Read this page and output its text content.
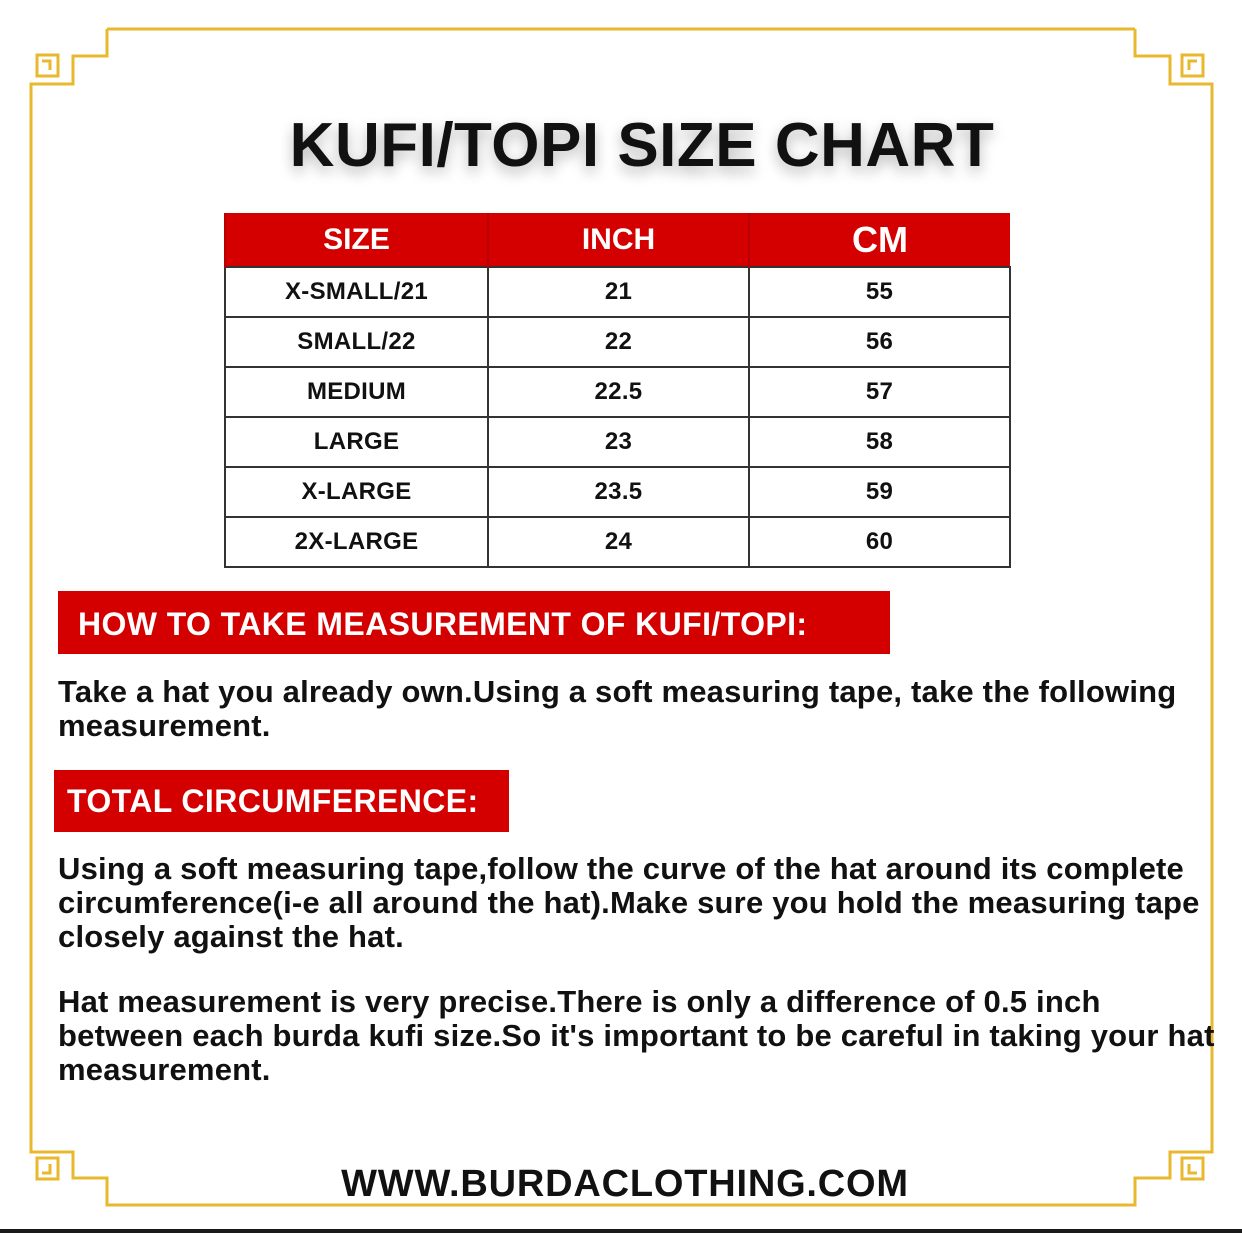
KUFI/TOPI SIZE CHART
SIZE	INCH	CM
X-SMALL/21	21	55
SMALL/22	22	56
MEDIUM	22.5	57
LARGE	23	58
X-LARGE	23.5	59
2X-LARGE	24	60
HOW TO TAKE MEASUREMENT OF KUFI/TOPI:

Take a hat you already own.Using a soft measuring tape, take the following measurement.

TOTAL CIRCUMFERENCE:

Using a soft measuring tape,follow the curve of the hat around its complete circumference(i-e all around the hat).Make sure you hold the measuring tape closely against the hat.

Hat measurement is very precise.There is only a difference of 0.5 inch between each burda kufi size.So it's important to be careful in taking your hat measurement.

WWW.BURDACLOTHING.COM
